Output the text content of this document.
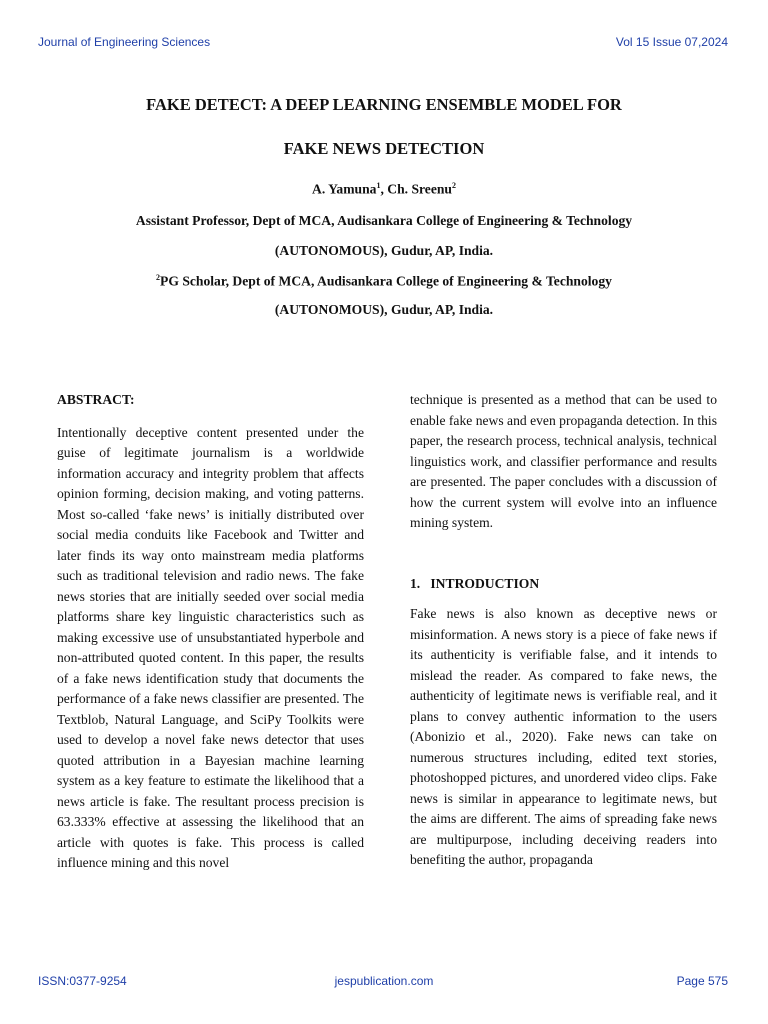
Journal of Engineering Sciences	Vol 15 Issue 07,2024
FAKE DETECT: A DEEP LEARNING ENSEMBLE MODEL FOR
FAKE NEWS DETECTION
A. Yamuna$^1$, Ch. Sreenu$^2$
Assistant Professor, Dept of MCA, Audisankara College of Engineering & Technology
(AUTONOMOUS), Gudur, AP, India.
$^2$PG Scholar, Dept of MCA, Audisankara College of Engineering & Technology
(AUTONOMOUS), Gudur, AP, India.
ABSTRACT:

Intentionally deceptive content presented under the guise of legitimate journalism is a worldwide information accuracy and integrity problem that affects opinion forming, decision making, and voting patterns. Most so-called ‘fake news’ is initially distributed over social media conduits like Facebook and Twitter and later finds its way onto mainstream media platforms such as traditional television and radio news. The fake news stories that are initially seeded over social media platforms share key linguistic characteristics such as making excessive use of unsubstantiated hyperbole and non-attributed quoted content. In this paper, the results of a fake news identification study that documents the performance of a fake news classifier are presented. The Textblob, Natural Language, and SciPy Toolkits were used to develop a novel fake news detector that uses quoted attribution in a Bayesian machine learning system as a key feature to estimate the likelihood that a news article is fake. The resultant process precision is 63.333% effective at assessing the likelihood that an article with quotes is fake. This process is called influence mining and this novel

technique is presented as a method that can be used to enable fake news and even propaganda detection. In this paper, the research process, technical analysis, technical linguistics work, and classifier performance and results are presented. The paper concludes with a discussion of how the current system will evolve into an influence mining system.

1.   INTRODUCTION

Fake news is also known as deceptive news or misinformation. A news story is a piece of fake news if its authenticity is verifiable false, and it intends to mislead the reader. As compared to fake news, the authenticity of legitimate news is verifiable real, and it plans to convey authentic information to the users (Abonizio et al., 2020). Fake news can take on numerous structures including, edited text stories, photoshopped pictures, and unordered video clips. Fake news is similar in appearance to legitimate news, but the aims are different. The aims of spreading fake news are multipurpose, including deceiving readers into benefiting the author, propaganda

ISSN:0377-9254	jespublication.com	Page 575
